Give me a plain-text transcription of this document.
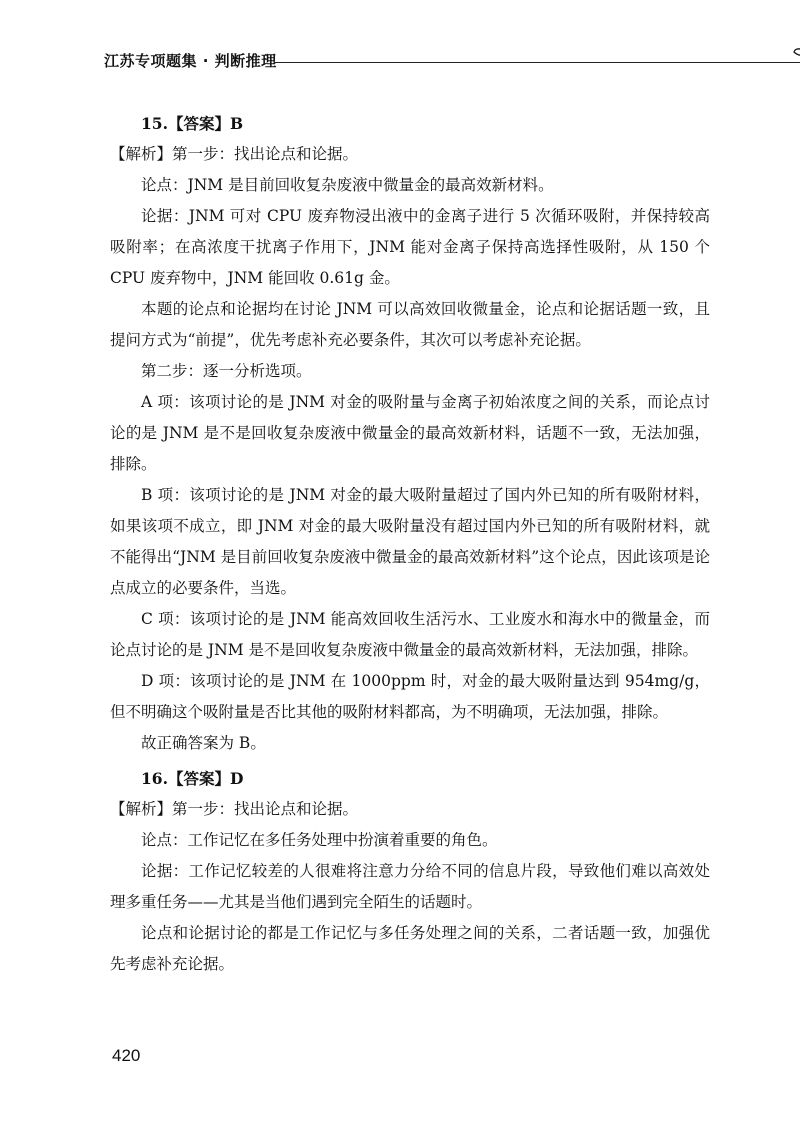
江苏专项题集 · 判断推理

15.【答案】B

【解析】第一步：找出论点和论据。

论点：JNM 是目前回收复杂废液中微量金的最高效新材料。

论据：JNM 可对 CPU 废弃物浸出液中的金离子进行 5 次循环吸附，并保持较高吸附率；在高浓度干扰离子作用下，JNM 能对金离子保持高选择性吸附，从 150 个 CPU 废弃物中，JNM 能回收 0.61g 金。

本题的论点和论据均在讨论 JNM 可以高效回收微量金，论点和论据话题一致，且提问方式为“前提”，优先考虑补充必要条件，其次可以考虑补充论据。

第二步：逐一分析选项。

A 项：该项讨论的是 JNM 对金的吸附量与金离子初始浓度之间的关系，而论点讨论的是 JNM 是不是回收复杂废液中微量金的最高效新材料，话题不一致，无法加强，排除。

B 项：该项讨论的是 JNM 对金的最大吸附量超过了国内外已知的所有吸附材料，如果该项不成立，即 JNM 对金的最大吸附量没有超过国内外已知的所有吸附材料，就不能得出“JNM 是目前回收复杂废液中微量金的最高效新材料”这个论点，因此该项是论点成立的必要条件，当选。

C 项：该项讨论的是 JNM 能高效回收生活污水、工业废水和海水中的微量金，而论点讨论的是 JNM 是不是回收复杂废液中微量金的最高效新材料，无法加强，排除。

D 项：该项讨论的是 JNM 在 1000ppm 时，对金的最大吸附量达到 954mg/g，但不明确这个吸附量是否比其他的吸附材料都高，为不明确项，无法加强，排除。

故正确答案为 B。

16.【答案】D

【解析】第一步：找出论点和论据。

论点：工作记忆在多任务处理中扮演着重要的角色。

论据：工作记忆较差的人很难将注意力分给不同的信息片段，导致他们难以高效处理多重任务——尤其是当他们遇到完全陌生的话题时。

论点和论据讨论的都是工作记忆与多任务处理之间的关系，二者话题一致，加强优先考虑补充论据。

420
